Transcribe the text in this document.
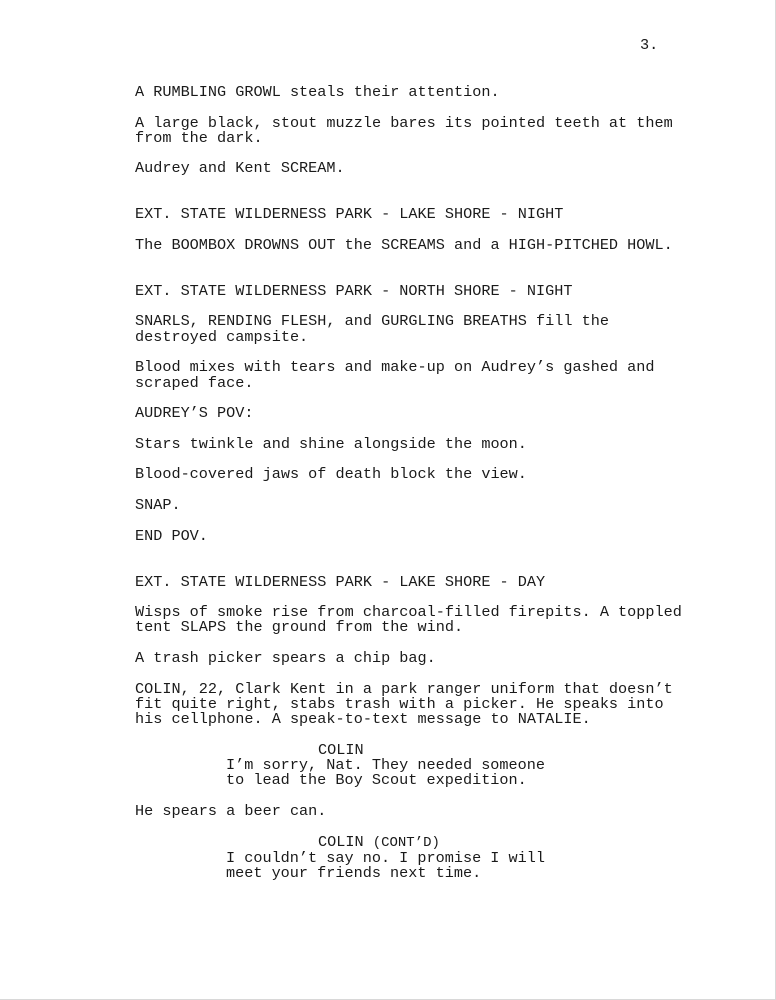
3.
A RUMBLING GROWL steals their attention.
A large black, stout muzzle bares its pointed teeth at them
from the dark.
Audrey and Kent SCREAM.
EXT. STATE WILDERNESS PARK - LAKE SHORE - NIGHT
The BOOMBOX DROWNS OUT the SCREAMS and a HIGH-PITCHED HOWL.
EXT. STATE WILDERNESS PARK - NORTH SHORE - NIGHT
SNARLS, RENDING FLESH, and GURGLING BREATHS fill the
destroyed campsite.
Blood mixes with tears and make-up on Audrey’s gashed and
scraped face.
AUDREY’S POV:
Stars twinkle and shine alongside the moon.
Blood-covered jaws of death block the view.
SNAP.
END POV.
EXT. STATE WILDERNESS PARK - LAKE SHORE - DAY
Wisps of smoke rise from charcoal-filled firepits. A toppled
tent SLAPS the ground from the wind.
A trash picker spears a chip bag.
COLIN, 22, Clark Kent in a park ranger uniform that doesn’t
fit quite right, stabs trash with a picker. He speaks into
his cellphone. A speak-to-text message to NATALIE.
COLIN
I’m sorry, Nat. They needed someone
to lead the Boy Scout expedition.
He spears a beer can.
COLIN (CONT’D)
I couldn’t say no. I promise I will
meet your friends next time.
